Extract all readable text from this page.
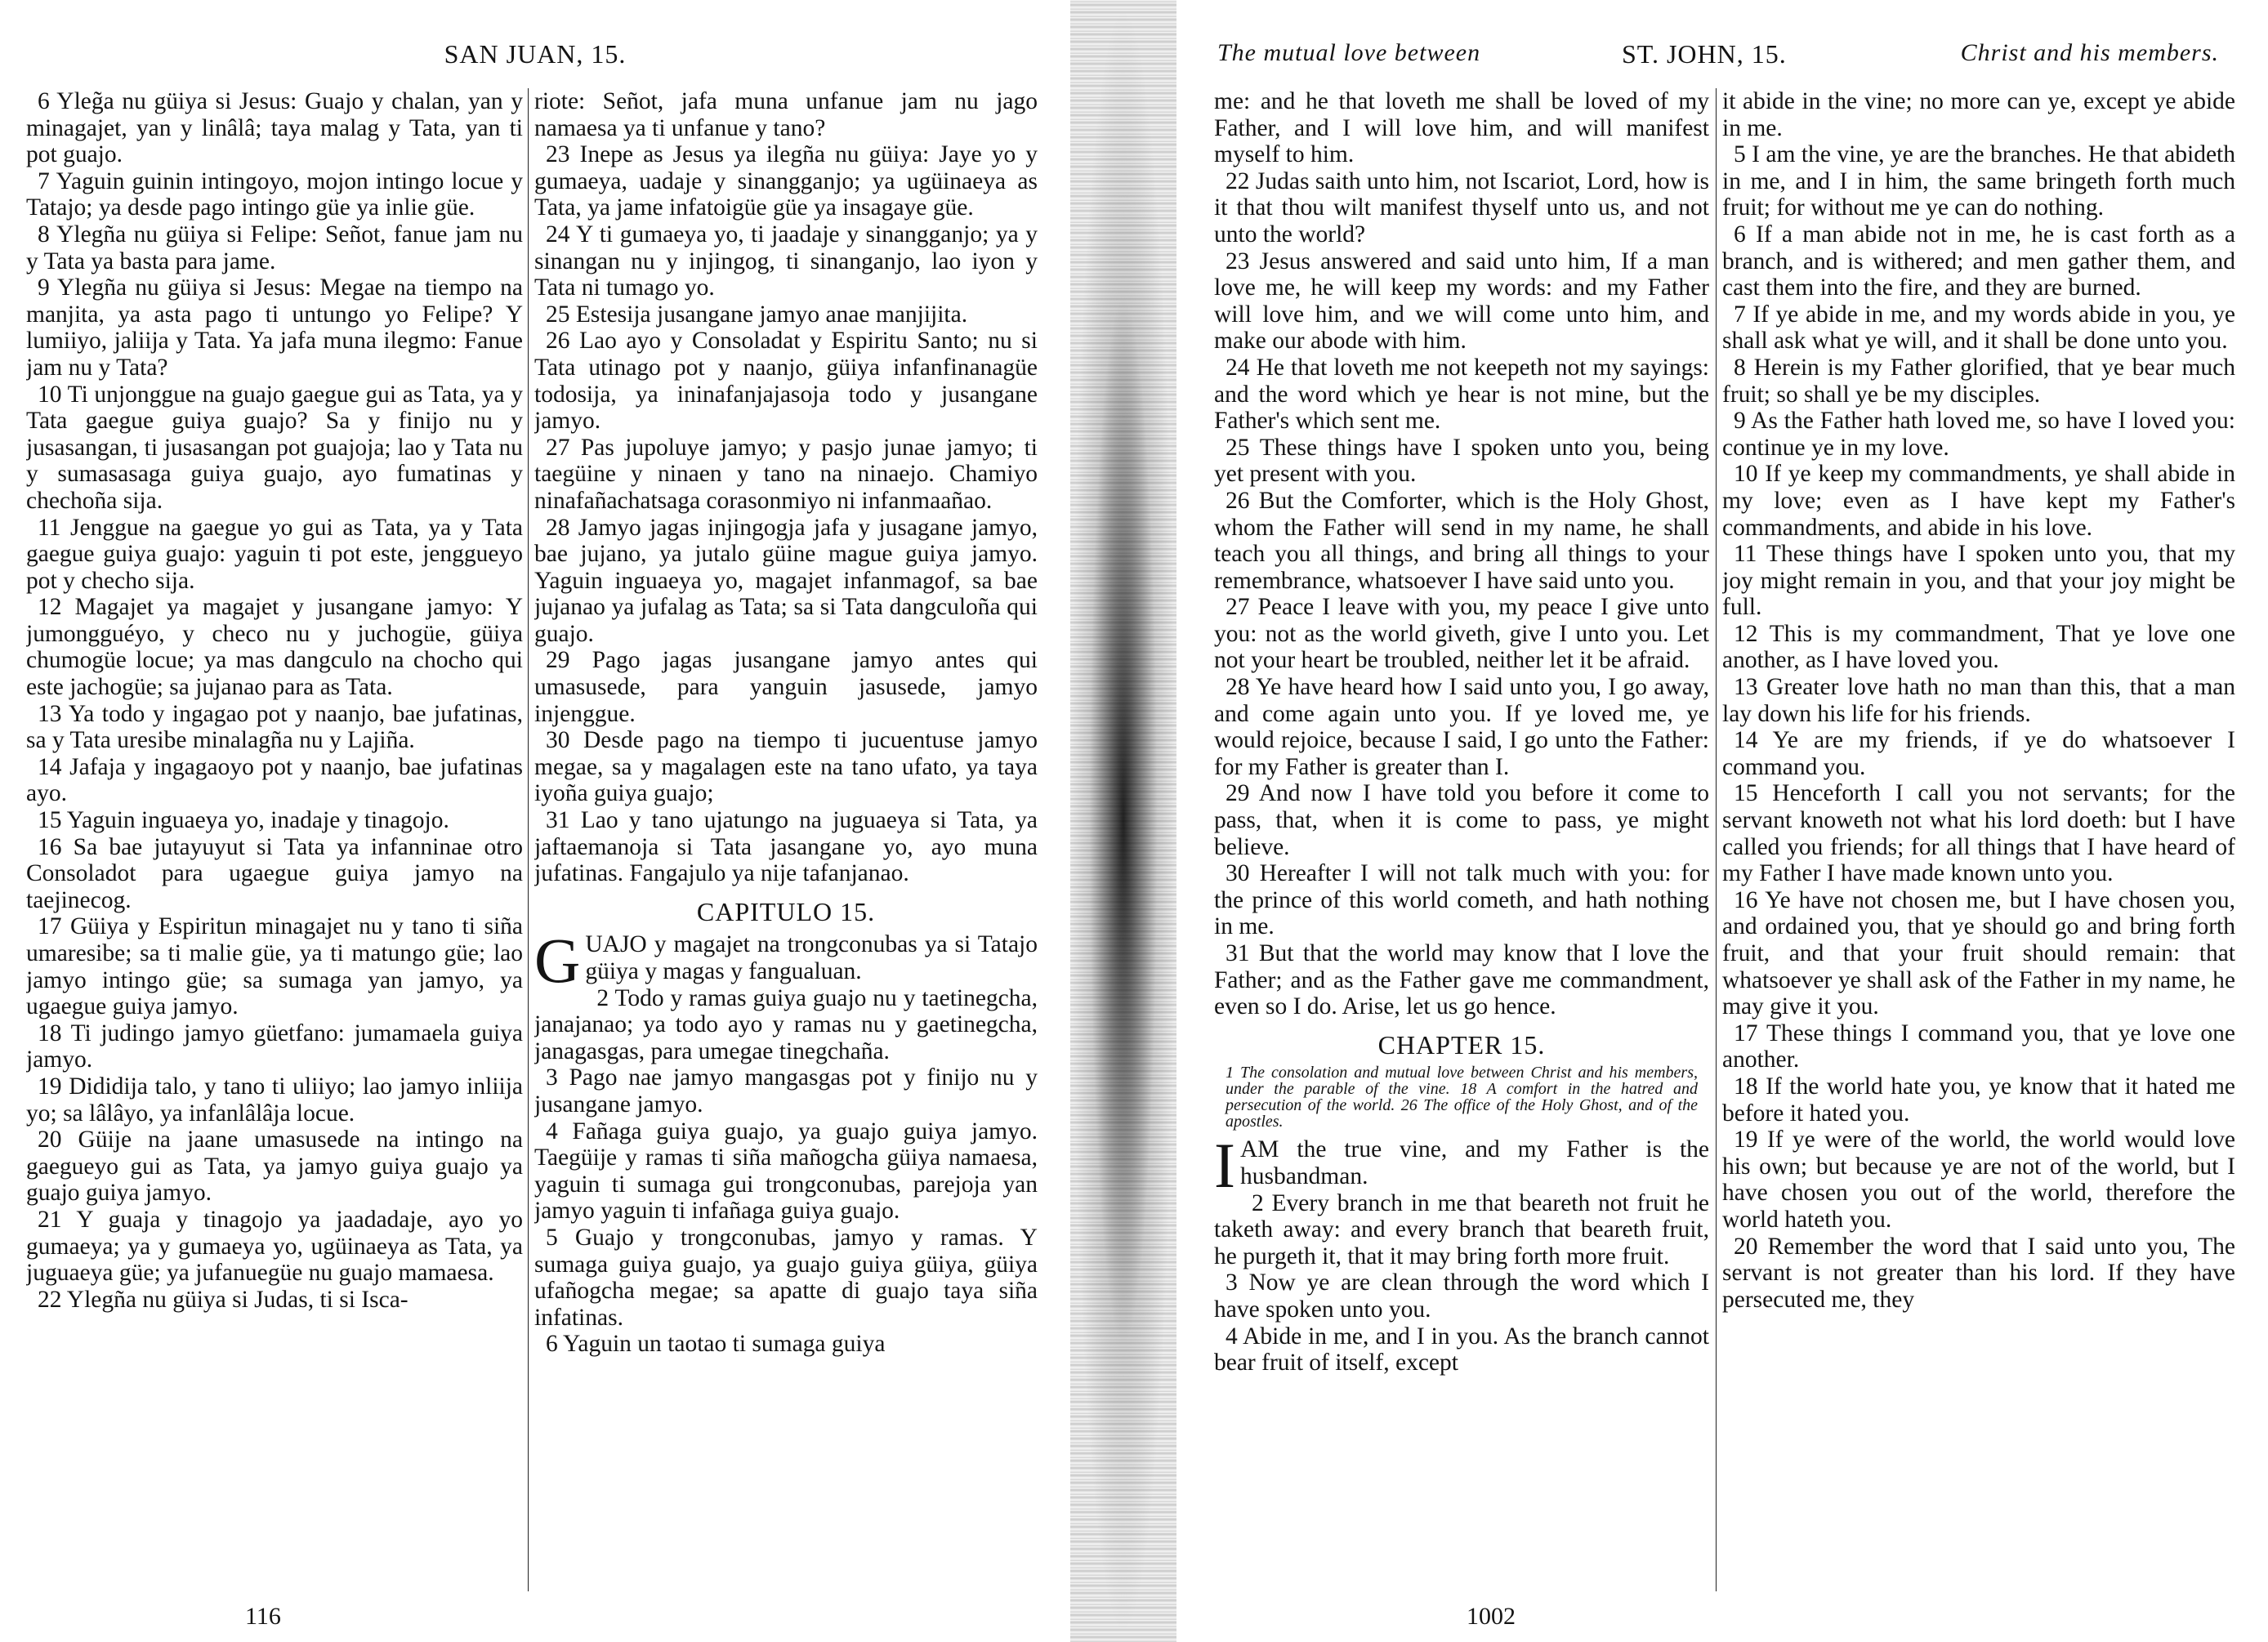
SAN JUAN, 15.

6 Yleg̃a nu güiya si Jesus: Guajo y chalan, yan y minagajet, yan y linâlâ; taya malag y Tata, yan ti pot guajo.

7 Yaguin guinin intingoyo, mojon intingo locue y Tatajo; ya desde pago intingo güe ya inlie güe.

8 Ylegña nu güiya si Felipe: Señot, fanue jam nu y Tata ya basta para jame.

9 Ylegña nu güiya si Jesus: Megae na tiempo na manjita, ya asta pago ti untungo yo Felipe? Y lumiiyo, jaliija y Tata. Ya jafa muna ilegmo: Fanue jam nu y Tata?

10 Ti unjonggue na guajo gaegue gui as Tata, ya y Tata gaegue guiya guajo? Sa y finijo nu y jusasangan, ti jusasangan pot guajoja; lao y Tata nu y sumasasaga guiya guajo, ayo fumatinas y chechoña sija.

11 Jenggue na gaegue yo gui as Tata, ya y Tata gaegue guiya guajo: yaguin ti pot este, jenggueyo pot y checho sija.

12 Magajet ya magajet y jusangane jamyo: Y jumongguéyo, y checo nu y juchogüe, güiya chumogüe locue; ya mas dangculo na chocho qui este jachogüe; sa jujanao para as Tata.

13 Ya todo y ingagao pot y naanjo, bae jufatinas, sa y Tata uresibe minalagña nu y Lajiña.

14 Jafaja y ingagaoyo pot y naanjo, bae jufatinas ayo.

15 Yaguin inguaeya yo, inadaje y tinagojo.

16 Sa bae jutayuyut si Tata ya infanninae otro Consoladot para ugaegue guiya jamyo na taejinecog.

17 Güiya y Espiritun minagajet nu y tano ti siña umaresibe; sa ti malie güe, ya ti matungo güe; lao jamyo intingo güe; sa sumaga yan jamyo, ya ugaegue guiya jamyo.

18 Ti judingo jamyo güetfano: jumamaela guiya jamyo.

19 Dididija talo, y tano ti uliiyo; lao jamyo inliija yo; sa lâlâyo, ya infanlâlâja locue.

20 Güije na jaane umasusede na intingo na gaegueyo gui as Tata, ya jamyo guiya guajo ya guajo guiya jamyo.

21 Y guaja y tinagojo ya jaadadaje, ayo yo gumaeya; ya y gumaeya yo, ugüinaeya as Tata, ya juguaeya güe; ya jufanuegüe nu guajo mamaesa.

22 Ylegña nu güiya si Judas, ti si Isca-

riote: Señot, jafa muna unfanue jam nu jago namaesa ya ti unfanue y tano?

23 Inepe as Jesus ya ilegña nu güiya: Jaye yo y gumaeya, uadaje y sinangganjo; ya ugüinaeya as Tata, ya jame infatoigüe güe ya insagaye güe.

24 Y ti gumaeya yo, ti jaadaje y sinangganjo; ya y sinangan nu y injingog, ti sinanganjo, lao iyon y Tata ni tumago yo.

25 Estesija jusangane jamyo anae manjijita.

26 Lao ayo y Consoladat y Espiritu Santo; nu si Tata utinago pot y naanjo, güiya infanfinanagüe todosija, ya ininafanjajasoja todo y jusangane jamyo.

27 Pas jupoluye jamyo; y pasjo junae jamyo; ti taegüine y ninaen y tano na ninaejo. Chamiyo ninafañachatsaga corasonmiyo ni infanmaañao.

28 Jamyo jagas injingogja jafa y jusagane jamyo, bae jujano, ya jutalo güine mague guiya jamyo. Yaguin inguaeya yo, magajet infanmagof, sa bae jujanao ya jufalag as Tata; sa si Tata dangculoña qui guajo.

29 Pago jagas jusangane jamyo antes qui umasusede, para yanguin jasusede, jamyo injenggue.

30 Desde pago na tiempo ti jucuentuse jamyo megae, sa y magalagen este na tano ufato, ya taya iyoña guiya guajo;

31 Lao y tano ujatungo na juguaeya si Tata, ya jaftaemanoja si Tata jasangane yo, ayo muna jufatinas. Fangajulo ya nije tafanjanao.

CAPITULO 15.

GUAJO y magajet na trongconubas ya si Tatajo güiya y magas y fangualuan.

2 Todo y ramas guiya guajo nu y taetinegcha, janajanao; ya todo ayo y ramas nu y gaetinegcha, janagasgas, para umegae tinegchaña.

3 Pago nae jamyo mangasgas pot y finijo nu y jusangane jamyo.

4 Fañaga guiya guajo, ya guajo guiya jamyo. Taegüije y ramas ti siña mañogcha güiya namaesa, yaguin ti sumaga gui trongconubas, parejoja yan jamyo yaguin ti infañaga guiya guajo.

5 Guajo y trongconubas, jamyo y ramas. Y sumaga guiya guajo, ya guajo guiya güiya, güiya ufañogcha megae; sa apatte di guajo taya siña infatinas.

6 Yaguin un taotao ti sumaga guiya

116
The mutual love between	ST. JOHN, 15.	Christ and his members.

me: and he that loveth me shall be loved of my Father, and I will love him, and will manifest myself to him.

22 Judas saith unto him, not Iscariot, Lord, how is it that thou wilt manifest thyself unto us, and not unto the world?

23 Jesus answered and said unto him, If a man love me, he will keep my words: and my Father will love him, and we will come unto him, and make our abode with him.

24 He that loveth me not keepeth not my sayings: and the word which ye hear is not mine, but the Father's which sent me.

25 These things have I spoken unto you, being yet present with you.

26 But the Comforter, which is the Holy Ghost, whom the Father will send in my name, he shall teach you all things, and bring all things to your remembrance, whatsoever I have said unto you.

27 Peace I leave with you, my peace I give unto you: not as the world giveth, give I unto you. Let not your heart be troubled, neither let it be afraid.

28 Ye have heard how I said unto you, I go away, and come again unto you. If ye loved me, ye would rejoice, because I said, I go unto the Father: for my Father is greater than I.

29 And now I have told you before it come to pass, that, when it is come to pass, ye might believe.

30 Hereafter I will not talk much with you: for the prince of this world cometh, and hath nothing in me.

31 But that the world may know that I love the Father; and as the Father gave me commandment, even so I do. Arise, let us go hence.

CHAPTER 15.
1 The consolation and mutual love between Christ and his members, under the parable of the vine. 18 A comfort in the hatred and persecution of the world. 26 The office of the Holy Ghost, and of the apostles.

IAM the true vine, and my Father is the husbandman.

2 Every branch in me that beareth not fruit he taketh away: and every branch that beareth fruit, he purgeth it, that it may bring forth more fruit.

3 Now ye are clean through the word which I have spoken unto you.

4 Abide in me, and I in you. As the branch cannot bear fruit of itself, except

it abide in the vine; no more can ye, except ye abide in me.

5 I am the vine, ye are the branches. He that abideth in me, and I in him, the same bringeth forth much fruit; for without me ye can do nothing.

6 If a man abide not in me, he is cast forth as a branch, and is withered; and men gather them, and cast them into the fire, and they are burned.

7 If ye abide in me, and my words abide in you, ye shall ask what ye will, and it shall be done unto you.

8 Herein is my Father glorified, that ye bear much fruit; so shall ye be my disciples.

9 As the Father hath loved me, so have I loved you: continue ye in my love.

10 If ye keep my commandments, ye shall abide in my love; even as I have kept my Father's commandments, and abide in his love.

11 These things have I spoken unto you, that my joy might remain in you, and that your joy might be full.

12 This is my commandment, That ye love one another, as I have loved you.

13 Greater love hath no man than this, that a man lay down his life for his friends.

14 Ye are my friends, if ye do whatsoever I command you.

15 Henceforth I call you not servants; for the servant knoweth not what his lord doeth: but I have called you friends; for all things that I have heard of my Father I have made known unto you.

16 Ye have not chosen me, but I have chosen you, and ordained you, that ye should go and bring forth fruit, and that your fruit should remain: that whatsoever ye shall ask of the Father in my name, he may give it you.

17 These things I command you, that ye love one another.

18 If the world hate you, ye know that it hated me before it hated you.

19 If ye were of the world, the world would love his own; but because ye are not of the world, but I have chosen you out of the world, therefore the world hateth you.

20 Remember the word that I said unto you, The servant is not greater than his lord. If they have persecuted me, they

1002
